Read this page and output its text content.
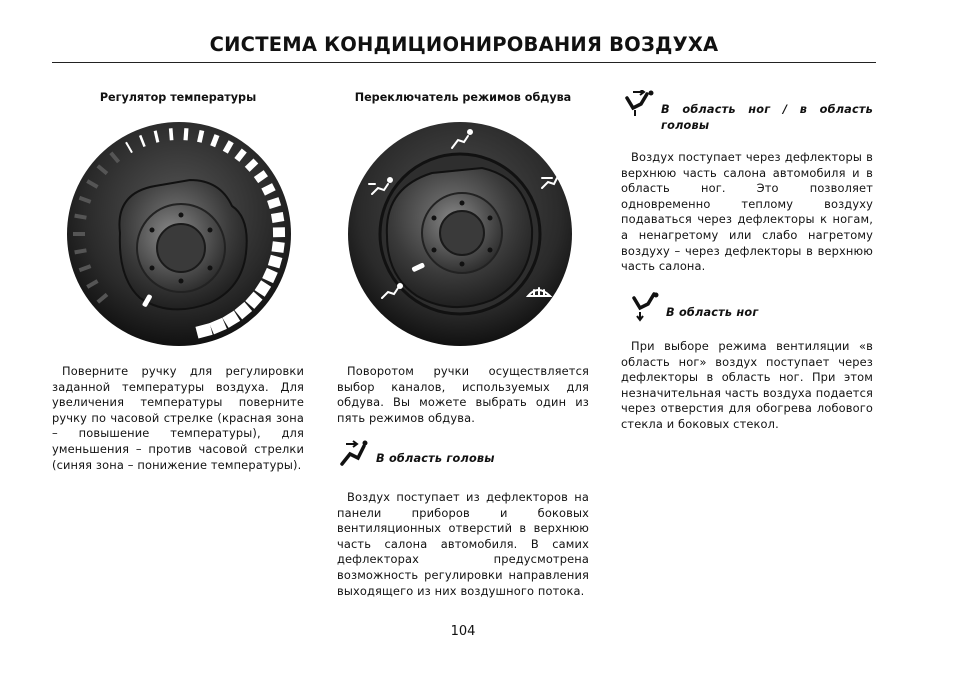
СИСТЕМА КОНДИЦИОНИРОВАНИЯ ВОЗДУХА
Регулятор температуры

Поверните ручку для регулировки заданной температуры воздуха. Для увеличения температуры поверните ручку по часовой стрелке (красная зона – повышение температуры), для уменьшения – против часовой стрелки (синяя зона – понижение температуры).

Переключатель режимов обдува

Поворотом ручки осуществляется выбор каналов, используемых для обдува. Вы можете выбрать один из пять режимов обдува.

В область головы

Воздух поступает из дефлекторов на панели приборов и боковых вентиляционных отверстий в верхнюю часть салона автомобиля. В самих дефлекторах предусмотрена возможность регулировки направления выходящего из них воздушного потока.

В область ног / в область головы

Воздух поступает через дефлекторы в верхнюю часть салона автомобиля и в область ног. Это позволяет одновременно теплому воздуху подаваться через дефлекторы к ногам, а ненагретому или слабо нагретому воздуху – через дефлекторы в верхнюю часть салона.

В область ног

При выборе режима вентиляции «в область ног» воздух поступает через дефлекторы в область ног. При этом незначительная часть воздуха подается через отверстия для обогрева лобового стекла и боковых стекол.

104
